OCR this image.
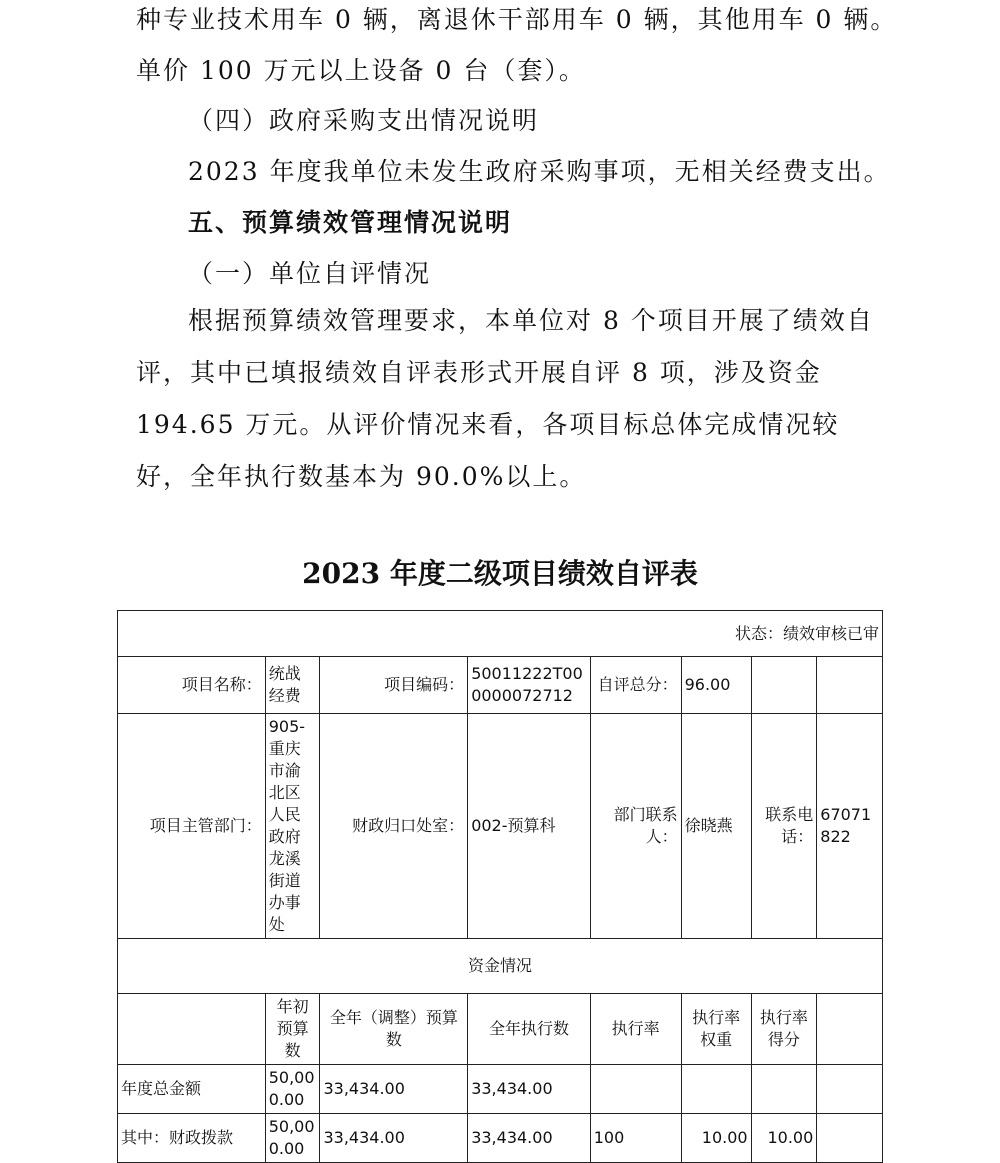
种专业技术用车 0 辆，离退休干部用车 0 辆，其他用车 0 辆。

单价 100 万元以上设备 0 台（套）。

（四）政府采购支出情况说明

2023 年度我单位未发生政府采购事项，无相关经费支出。

五、预算绩效管理情况说明

（一）单位自评情况

根据预算绩效管理要求，本单位对 8 个项目开展了绩效自评，其中已填报绩效自评表形式开展自评 8 项，涉及资金 194.65 万元。从评价情况来看，各项目标总体完成情况较好，全年执行数基本为 90.0%以上。

2023 年度二级项目绩效自评表
状态：绩效审核已审							
项目名称：	统战经费	项目编码：	50011222T000000072712	自评总分：	96.00		
项目主管部门：	905-重庆市渝北区人民政府龙溪街道办事处	财政归口处室：	002-预算科	部门联系人：	徐晓燕	联系电话：	67071822
资金情况							
	年初预算数	全年（调整）预算数	全年执行数	执行率	执行率权重	执行率得分	
年度总金额	50,000.00	33,434.00	33,434.00				
其中：财政拨款	50,000.00	33,434.00	33,434.00	100	10.00	10.00	
